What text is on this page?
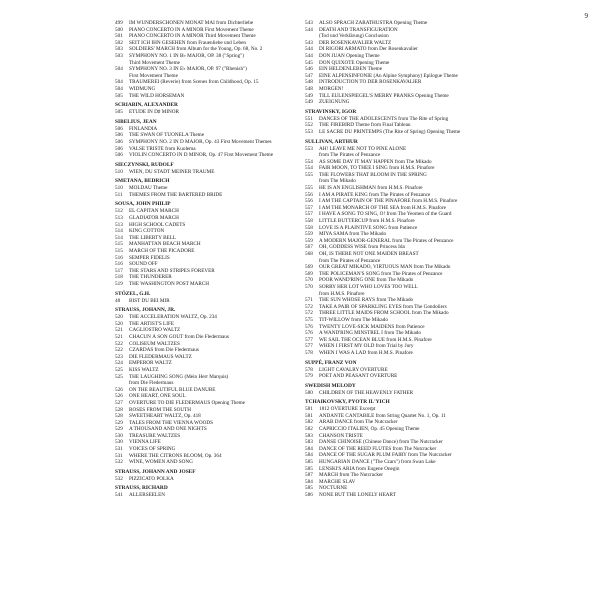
9
499 IM WUNDERSCHÖNEN MONAT MAI from Dichterliebe
500 PIANO CONCERTO IN A MINOR First Movement Theme
501 PIANO CONCERTO IN A MINOR Third Movement Theme
502 SEIT ICH IHN GESEHEN from Frauenliebe und Leben
503 SOLDIERS' MARCH from Album for the Young, Op. 68, No. 2
503 SYMPHONY NO. 1 IN B♭ MAJOR, OP. 38 ("Spring")
Third Movement Theme
504 SYMPHONY NO. 3 IN E♭ MAJOR, OP. 97 ("Rhenish")
First Movement Theme
504 TRAUMEREI (Reverie) from Scenes from Childhood, Op. 15
504 WIDMUNG
505 THE WILD HORSEMAN
SCRIABIN, ALEXANDER
505 ETUDE IN D♯ MINOR
SIBELIUS, JEAN
506 FINLANDIA
506 THE SWAN OF TUONELA Theme
506 SYMPHONY NO. 2 IN D MAJOR, Op. 43 First Movement Themes
506 VALSE TRISTE from Kuolema
506 VIOLIN CONCERTO IN D MINOR, Op. 47 First Movement Theme
SIECZYNSKI, RUDOLF
510 WIEN, DU STADT MEINER TRÄUME
SMETANA, BEDRICH
510 MOLDAU Theme
511 THEMES FROM THE BARTERED BRIDE
SOUSA, JOHN PHILIP
512 EL CAPITAN MARCH
513 GLADIATOR MARCH
513 HIGH SCHOOL CADETS
514 KING COTTON
514 THE LIBERTY BELL
515 MANHATTAN BEACH MARCH
515 MARCH OF THE PICADORE
516 SEMPER FIDELIS
516 SOUND OFF
517 THE STARS AND STRIPES FOREVER
518 THE THUNDERER
519 THE WASHINGTON POST MARCH
STÖZEL, G.H.
48 BIST DU BEI MIR
STRAUSS, JOHANN, JR.
520 THE ACCELERATION WALTZ, Op. 234
520 THE ARTIST'S LIFE
521 CAGLIOSTRO WALTZ
521 CHACUN À SON GOUT from Die Fledermaus
522 COLISEUM WALTZES
522 CZARDAS from Die Fledermaus
523 DIE FLEDERMAUS WALTZ
524 EMPEROR WALTZ
525 KISS WALTZ
525 THE LAUGHING SONG (Mein Herr Marquis)
from Die Fledermaus
526 ON THE BEAUTIFUL BLUE DANUBE
526 ONE HEART, ONE SOUL
527 OVERTURE TO DIE FLEDERMAUS Opening Theme
528 ROSES FROM THE SOUTH
528 SWEETHEART WALTZ, Op. 418
529 TALES FROM THE VIENNA WOODS
529 A THOUSAND AND ONE NIGHTS
530 TREASURE WALTZES
530 VIENNA LIFE
531 VOICES OF SPRING
531 WHERE THE CITRONS BLOOM, Op. 364
532 WINE, WOMEN AND SONG
STRAUSS, JOHANN AND JOSEF
532 PIZZICATO POLKA
STRAUSS, RICHARD
541 ALLERSEELEN
543 ALSO SPRACH ZARATHUSTRA Opening Theme
544 DEATH AND TRANSFIGURATION
(Tod und Verklärung) Conclusion
543 DER ROSENKAVALIER WALTZ
544 DI RIGORI ARMATO from Der Rosenkavalier
544 DON JUAN Opening Theme
545 DON QUIXOTE Opening Theme
546 EIN HELDENLEBEN Theme
547 EINE ALPENSINFONIE (An Alpine Symphony) Epilogue Theme
548 INTRODUCTION TO DER ROSENKAVALIER
548 MORGEN!
549 TILL EULENSPIEGEL'S MERRY PRANKS Opening Theme
549 ZUEIGNUNG
STRAVINSKY, IGOR
551 DANCES OF THE ADOLESCENTS from The Rite of Spring
552 THE FIREBIRD Theme from Final Tableau
553 LE SACRE DU PRINTEMPS (The Rite of Spring) Opening Theme
SULLIVAN, ARTHUR
553 AH! LEAVE ME NOT TO PINE ALONE
from The Pirates of Penzance
554 AS SOME DAY IT MAY HAPPEN from The Mikado
554 FAIR MOON, TO THEE I SING from H.M.S. Pinafore
555 THE FLOWERS THAT BLOOM IN THE SPRING
from The Mikado
555 HE IS AN ENGLISHMAN from H.M.S. Pinafore
556 I AM A PIRATE KING from The Pirates of Penzance
556 I AM THE CAPTAIN OF THE PINAFORE from H.M.S. Pinafore
557 I AM THE MONARCH OF THE SEA from H.M.S. Pinafore
557 I HAVE A SONG TO SING, O! from The Yeomen of the Guard
558 LITTLE BUTTERCUP from H.M.S. Pinafore
558 LOVE IS A PLAINTIVE SONG from Patience
559 MIYA SAMA from The Mikado
559 A MODERN MAJOR-GENERAL from The Pirates of Penzance
567 OH, GODDESS WISE from Princess Ida
568 OH, IS THERE NOT ONE MAIDEN BREAST
from The Pirates of Penzance
569 OUR GREAT MIKADO, VIRTUOUS MAN from The Mikado
569 THE POLICEMAN'S SONG from The Pirates of Penzance
570 POOR WAND'RING ONE from The Mikado
570 SORRY HER LOT WHO LOVES TOO WELL
from H.M.S. Pinafore
571 THE SUN WHOSE RAYS from The Mikado
572 TAKE A PAIR OF SPARKLING EYES from The Gondoliers
572 THREE LITTLE MAIDS FROM SCHOOL from The Mikado
575 TIT-WILLOW from The Mikado
576 TWENTY LOVE-SICK MAIDENS from Patience
576 A WAND'RING MINSTREL I from The Mikado
577 WE SAIL THE OCEAN BLUE from H.M.S. Pinafore
577 WHEN I FIRST MY OLD from Trial by Jury
578 WHEN I WAS A LAD from H.M.S. Pinafore
SUPPÉ, FRANZ VON
578 LIGHT CAVALRY OVERTURE
579 POET AND PEASANT OVERTURE
SWEDISH MELODY
580 CHILDREN OF THE HEAVENLY FATHER
TCHAIKOVSKY, PYOTR IL'YICH
581 1812 OVERTURE Excerpt
581 ANDANTE CANTABILE from String Quartet No. 1, Op. 11
582 ARAB DANCE from The Nutcracker
582 CAPRICCIO ITALIEN, Op. 45 Opening Theme
583 CHANSON TRISTE
583 DANSE CHINOISE (Chinese Dance) from The Nutcracker
584 DANCE OF THE REED FLUTES from The Nutcracker
584 DANCE OF THE SUGAR PLUM FAIRY from The Nutcracker
585 HUNGARIAN DANCE ("The Czars") from Swan Lake
585 LENSKI'S ARIA from Eugene Onegin
587 MARCH from The Nutcracker
584 MARCHE SLAV
585 NOCTURNE
586 NONE BUT THE LONELY HEART
